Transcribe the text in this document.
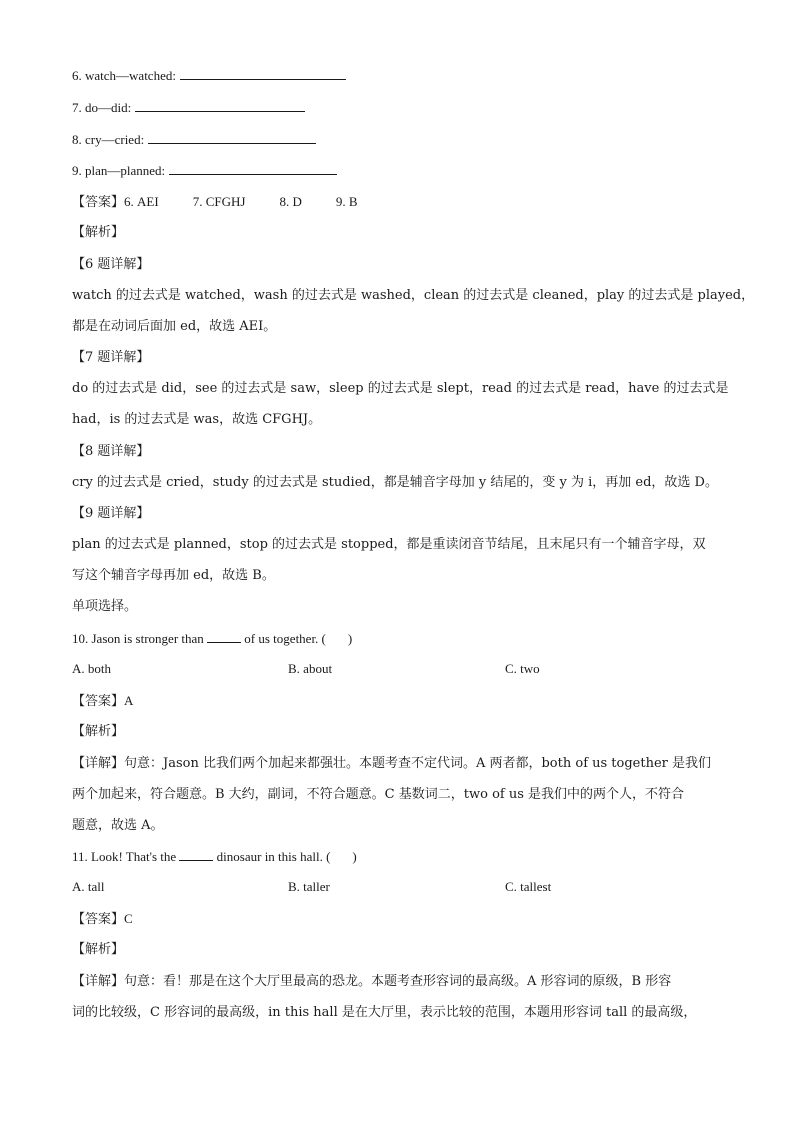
6. watch—watched:
7. do—did:
8. cry—cried:
9. plan—planned:
【答案】6. AEI	7. CFGHJ	8. D	9. B
【解析】
【6 题详解】
watch 的过去式是 watched，wash 的过去式是 washed，clean 的过去式是 cleaned，play 的过去式是 played，
都是在动词后面加 ed，故选 AEI。
【7 题详解】
do 的过去式是 did，see 的过去式是 saw，sleep 的过去式是 slept，read 的过去式是 read，have 的过去式是
had，is 的过去式是 was，故选 CFGHJ。
【8 题详解】
cry 的过去式是 cried，study 的过去式是 studied，都是辅音字母加 y 结尾的，变 y 为 i，再加 ed，故选 D。
【9 题详解】
plan 的过去式是 planned，stop 的过去式是 stopped，都是重读闭音节结尾，且末尾只有一个辅音字母，双
写这个辅音字母再加 ed，故选 B。
单项选择。
10. Jason is stronger than	of us together. ( )
A. both	B. about	C. two
【答案】A
【解析】
【详解】句意：Jason 比我们两个加起来都强壮。本题考查不定代词。A 两者都，both of us together 是我们
两个加起来，符合题意。B 大约，副词，不符合题意。C 基数词二，two of us 是我们中的两个人，不符合
题意，故选 A。
11. Look! That's the	dinosaur in this hall. ( )
A. tall	B. taller	C. tallest
【答案】C
【解析】
【详解】句意：看！那是在这个大厅里最高的恐龙。本题考查形容词的最高级。A 形容词的原级，B 形容
词的比较级，C 形容词的最高级，in this hall 是在大厅里，表示比较的范围，本题用形容词 tall 的最高级，
